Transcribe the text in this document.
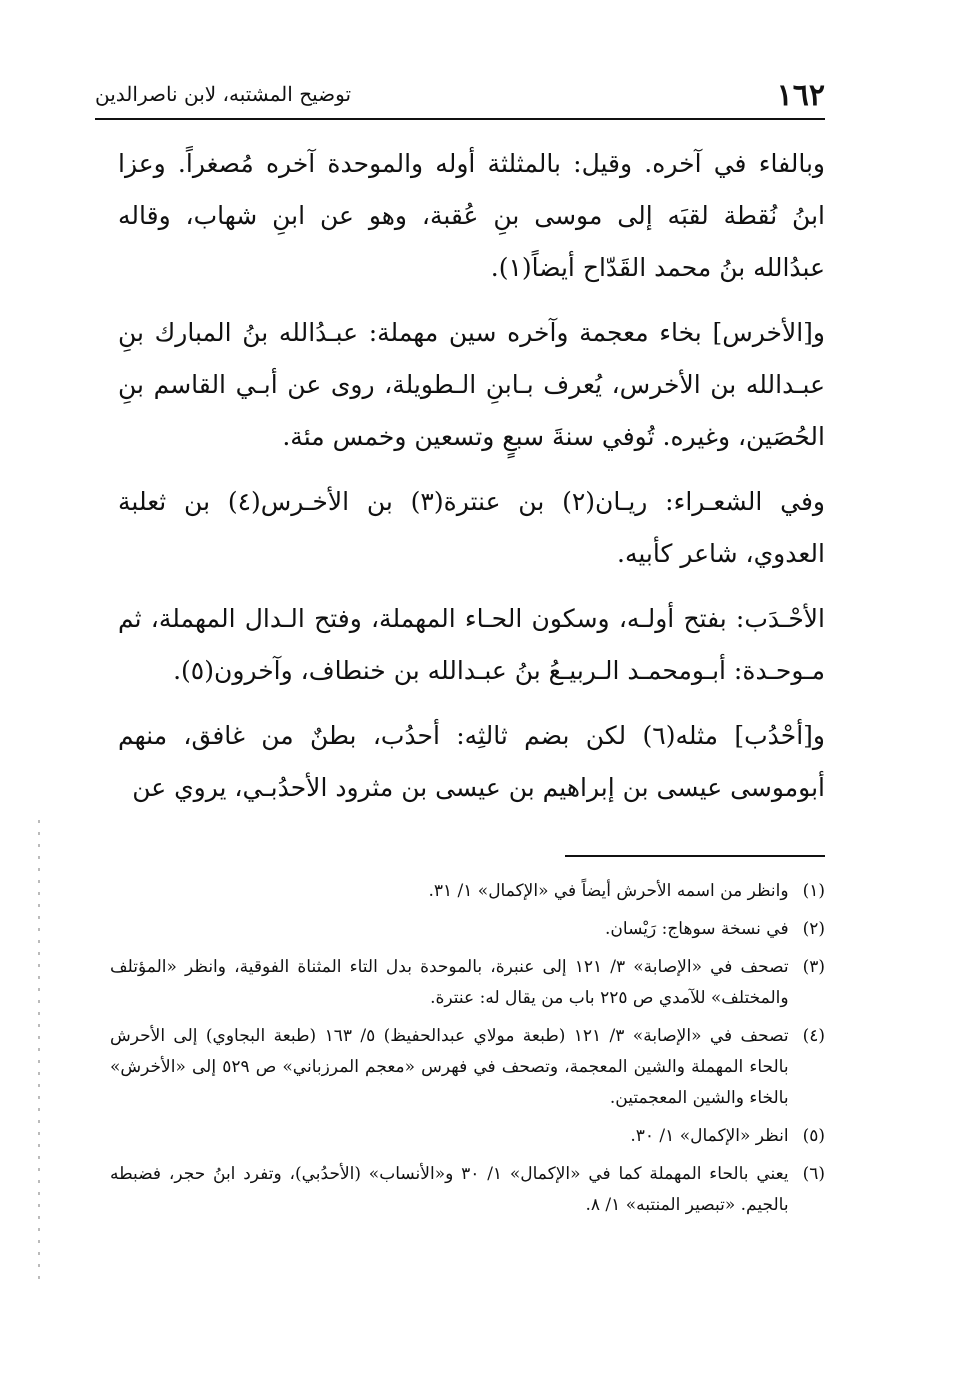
١٦٢
توضيح المشتبه، لابن ناصرالدين

وبالفاء في آخره. وقيل: بالمثلثة أوله والموحدة آخره مُصغراً. وعزا ابنُ نُقطة لقبَه إلى موسى بنِ عُقبة، وهو عن ابنِ شهاب، وقاله عبدُالله بنُ محمد القَدّاح أيضاً(١).

و[الأخرس] بخاء معجمة وآخره سين مهملة: عبـدُالله بنُ المبارك بنِ عبـدالله بن الأخرس، يُعرف بـابنِ الـطويلة، روى عن أبـي القاسم بنِ الحُصَين، وغيره. تُوفي سنةَ سبعٍ وتسعين وخمس مئة.

وفي الشعـراء: ريـان(٢) بن عنترة(٣) بن الأخـرس(٤) بن ثعلبة العدوي، شاعر كأبيه.

الأحْـدَب: بفتح أولـه، وسكون الحـاء المهملة، وفتح الـدال المهملة، ثم مـوحـدة: أبـومحمـد الـربيـعُ بنُ عبـدالله بن خنطاف، وآخرون(٥).

و[أحْدُب] مثله(٦) لكن بضم ثالثِه: أحدُب، بطنٌ من غافق، منهم أبوموسى عيسى بن إبراهيم بن عيسى بن مثرود الأحدُبـي، يروي عن

(١)
وانظر من اسمه الأحرش أيضاً في «الإكمال» ١/ ٣١.
(٢)
في نسخة سوهاج: رَيْسان.
(٣)
تصحف في «الإصابة» ٣/ ١٢١ إلى عنبرة، بالموحدة بدل التاء المثناة الفوقية، وانظر «المؤتلف والمختلف» للآمدي ص ٢٢٥ باب من يقال له: عنترة.
(٤)
تصحف في «الإصابة» ٣/ ١٢١ (طبعة مولاي عبدالحفيظ) ٥/ ١٦٣ (طبعة البجاوي) إلى الأحرش بالحاء المهملة والشين المعجمة، وتصحف في فهرس «معجم المرزباني» ص ٥٢٩ إلى «الأخرش» بالخاء والشين المعجمتين.
(٥)
انظر «الإكمال» ١/ ٣٠.
(٦)
يعني بالحاء المهملة كما في «الإكمال» ١/ ٣٠ و«الأنساب» (الأحدُبي)، وتفرد ابنُ حجر، فضبطه بالجيم. «تبصير المنتبه» ١/ ٨.
